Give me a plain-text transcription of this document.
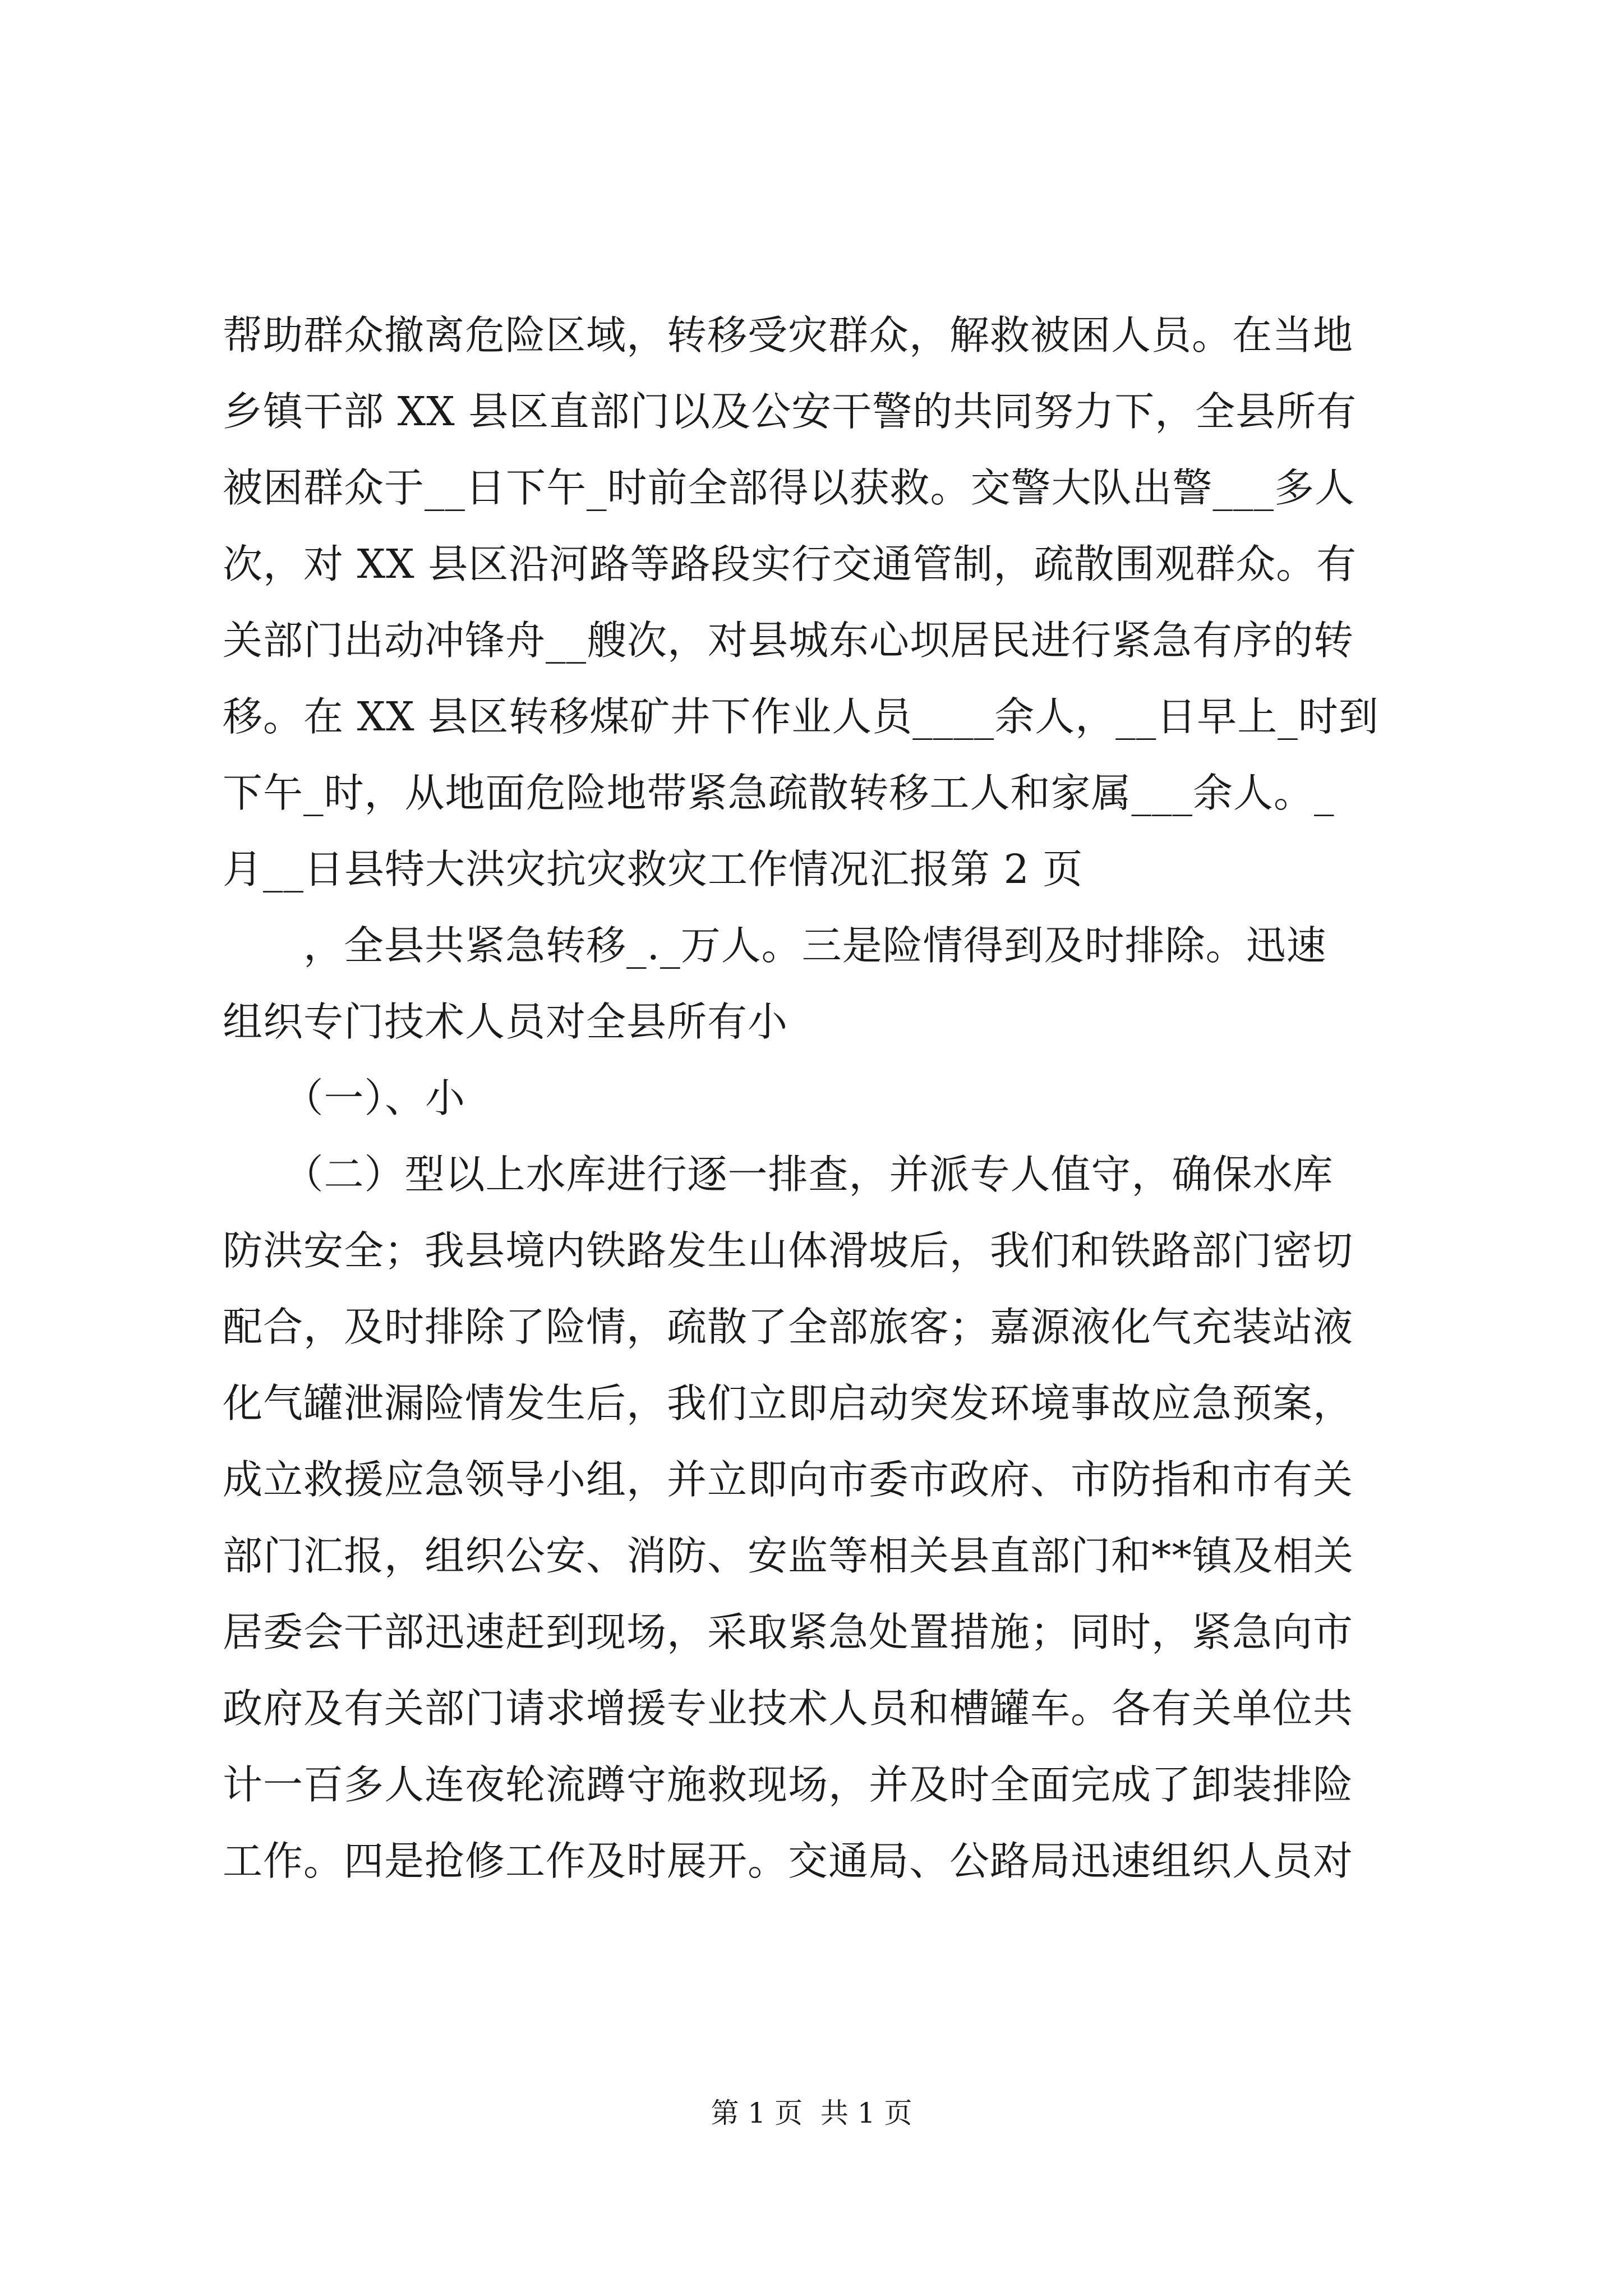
帮助群众撤离危险区域，转移受灾群众，解救被困人员。在当地
乡镇干部 XX 县区直部门以及公安干警的共同努力下，全县所有
被困群众于__日下午_时前全部得以获救。交警大队出警___多人
次，对 XX 县区沿河路等路段实行交通管制，疏散围观群众。有
关部门出动冲锋舟__艘次，对县城东心坝居民进行紧急有序的转
移。在 XX 县区转移煤矿井下作业人员____余人，__日早上_时到
下午_时，从地面危险地带紧急疏散转移工人和家属___余人。_
月__日县特大洪灾抗灾救灾工作情况汇报第 2 页
　　，全县共紧急转移_._万人。三是险情得到及时排除。迅速
组织专门技术人员对全县所有小
　　（一）、小
　　（二）型以上水库进行逐一排查，并派专人值守，确保水库
防洪安全；我县境内铁路发生山体滑坡后，我们和铁路部门密切
配合，及时排除了险情，疏散了全部旅客；嘉源液化气充装站液
化气罐泄漏险情发生后，我们立即启动突发环境事故应急预案，
成立救援应急领导小组，并立即向市委市政府、市防指和市有关
部门汇报，组织公安、消防、安监等相关县直部门和**镇及相关
居委会干部迅速赶到现场，采取紧急处置措施；同时，紧急向市
政府及有关部门请求增援专业技术人员和槽罐车。各有关单位共
计一百多人连夜轮流蹲守施救现场，并及时全面完成了卸装排险
工作。四是抢修工作及时展开。交通局、公路局迅速组织人员对
第 1 页  共 1 页
